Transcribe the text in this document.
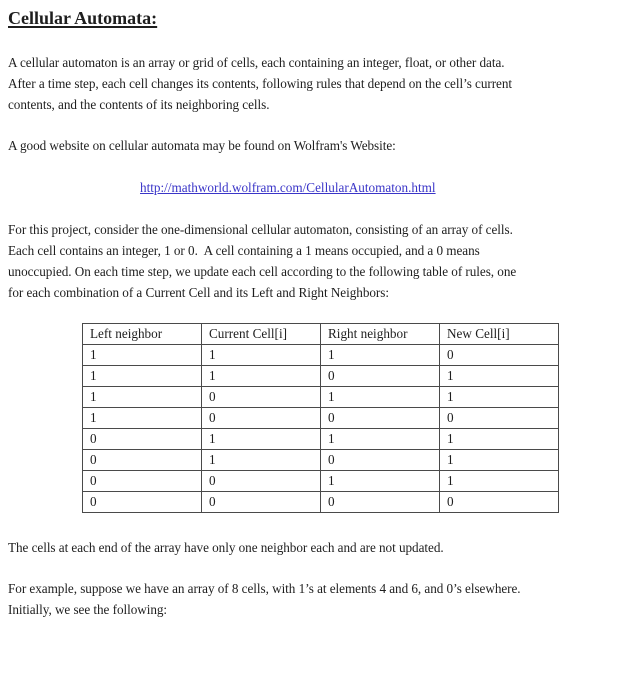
Cellular Automata:
A cellular automaton is an array or grid of cells, each containing an integer, float, or other data.
After a time step, each cell changes its contents, following rules that depend on the cell’s current
contents, and the contents of its neighboring cells.
A good website on cellular automata may be found on Wolfram's Website:
http://mathworld.wolfram.com/CellularAutomaton.html
For this project, consider the one-dimensional cellular automaton, consisting of an array of cells.
Each cell contains an integer, 1 or 0.  A cell containing a 1 means occupied, and a 0 means
unoccupied. On each time step, we update each cell according to the following table of rules, one
for each combination of a Current Cell and its Left and Right Neighbors:
Left neighbor	Current Cell[i]	Right neighbor	New Cell[i]
1	1	1	0
1	1	0	1
1	0	1	1
1	0	0	0
0	1	1	1
0	1	0	1
0	0	1	1
0	0	0	0
The cells at each end of the array have only one neighbor each and are not updated.
For example, suppose we have an array of 8 cells, with 1’s at elements 4 and 6, and 0’s elsewhere.
Initially, we see the following:
